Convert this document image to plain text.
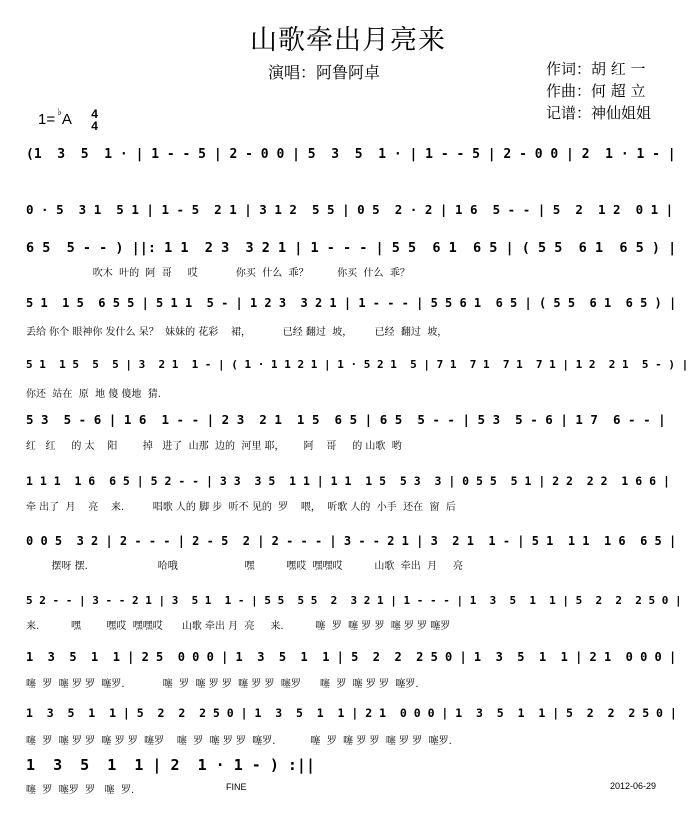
山歌牵出月亮来
演唱：阿鲁阿卓	作词：胡 红 一
作曲：何 超 立
记谱：神仙姐姐
1= ♭A 4
4
(1  3  5  1 · | 1 - - 5 | 2 - 0 0 | 5  3  5  1 · | 1 - - 5 | 2 - 0 0 | 2  1 · 1 - |
0 · 5  3 1  5 1 | 1 - 5  2 1 | 3 1 2  5 5 | 0 5  2 · 2 | 1 6  5 - - | 5  2  1 2  0 1 |
6 5  5 - - ) ||: 1 1  2 3  3 2 1 | 1 - - - | 5 5  6 1  6 5 | ( 5 5  6 1  6 5 ) |
吹木  叶的  阿  哥     哎            你买  什么  乖？         你买  什么  乖？
5 1  1 5  6 5 5 | 5 1 1  5 - | 1 2 3  3 2 1 | 1 - - - | 5 5 6 1  6 5 | ( 5 5  6 1  6 5 ) |
丢给 你个 眼神你 发什么 呆？  妹妹的 花彩    裙，          已经 翻过  坡，       已经  翻过  坡，
5 1  1 5  5  5 | 3  2 1  1 - | ( 1 · 1 1 2 1 | 1 · 5 2 1  5 | 7 1  7 1  7 1  7 1 | 1 2  2 1  5 - ) |
你还  站在  原  地 傻 傻地  猜.
5 3  5 - 6 | 1 6  1 - - | 2 3  2 1  1 5  6 5 | 6 5  5 - - | 5 3  5 - 6 | 1 7  6 - - |
红   红     的 太    阳        掉   进了  山那  边的  河里 耶，      阿    哥     的 山歌  哟
1 1 1  1 6  6 5 | 5 2 - - | 3 3  3 5  1 1 | 1 1  1 5  5 3  3 | 0 5 5  5 1 | 2 2  2 2  1 6 6 |
牵 出了  月    亮    来.         唱歌 人的 脚 步  听不 见的  罗    喂，  听歌 人的  小手  还在  窗  后
0 0 5  3 2 | 2 - - - | 2 - 5  2 | 2 - - - | 3 - - 2 1 | 3  2 1  1 - | 5 1  1 1  1 6  6 5 |
摆呀 摆.                      哈哦                     嘿          嘿哎  嘿嘿哎          山歌  牵出  月     亮
5 2 - - | 3 - - 2 1 | 3  5 1  1 - | 5 5  5 5  2  3 2 1 | 1 - - - | 1  3  5  1  1 | 5  2  2  2 5 0 |
来.          嘿        嘿哎  嘿嘿哎      山歌 牵出 月  亮     来.          噻  罗  噻 罗 罗  噻 罗 罗 噻罗
1  3  5  1  1 | 2 5  0 0 0 | 1  3  5  1  1 | 5  2  2  2 5 0 | 1  3  5  1  1 | 2 1  0 0 0 |
噻  罗  噻 罗 罗  噻罗.            噻  罗  噻 罗 罗  噻 罗 罗  噻罗      噻  罗  噻 罗 罗  噻罗.
1  3  5  1  1 | 5  2  2  2 5 0 | 1  3  5  1  1 | 2 1  0 0 0 | 1  3  5  1  1 | 5  2  2  2 5 0 |
噻  罗  噻 罗 罗  噻 罗 罗  噻罗    噻  罗  噻 罗 罗  噻罗.           噻  罗  噻 罗 罗  噻 罗 罗  噻罗.
1  3  5  1  1 | 2  1 · 1 - ) :||
噻  罗  噻罗  罗   噻  罗.	FINE	2012-06-29
